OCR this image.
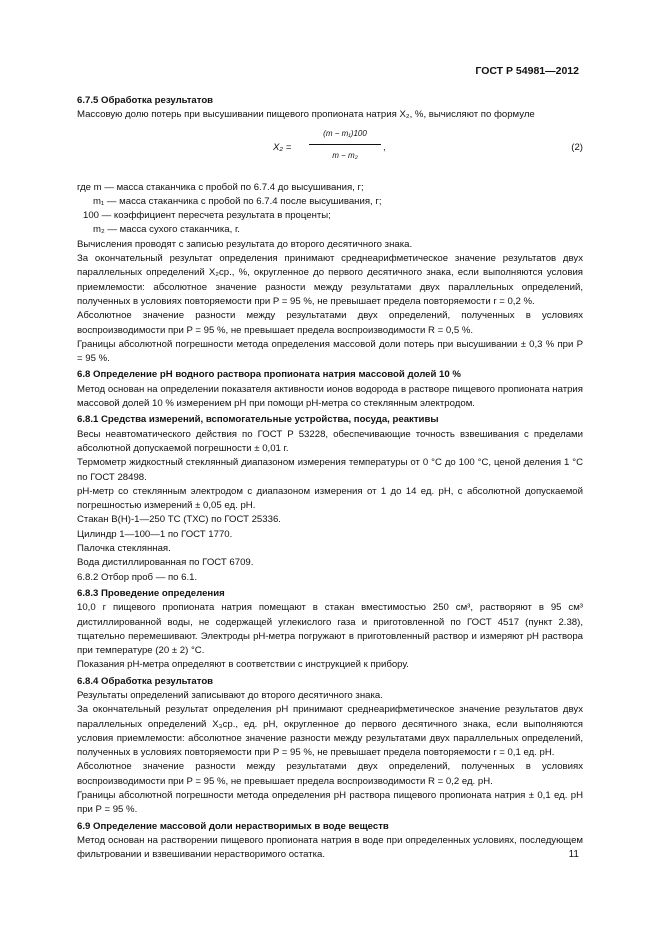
ГОСТ Р 54981—2012

6.7.5 Обработка результатов

Массовую долю потерь при высушивании пищевого пропионата натрия X₂, %, вычисляют по формуле

$X_2 = \frac{\text{(m − m₁)100}}{\text{m − m₂}}$ ,	(2)

где m — масса стаканчика с пробой по 6.7.4 до высушивания, г;

m₁ — масса стаканчика с пробой по 6.7.4 после высушивания, г;

100 — коэффициент пересчета результата в проценты;

m₂ — масса сухого стаканчика, г.

Вычисления проводят с записью результата до второго десятичного знака.

За окончательный результат определения принимают среднеарифметическое значение результатов двух параллельных определений X₂ср., %, округленное до первого десятичного знака, если выполняются условия приемлемости: абсолютное значение разности между результатами двух параллельных определений, полученных в условиях повторяемости при P = 95 %, не превышает предела повторяемости r = 0,2 %.

Абсолютное значение разности между результатами двух определений, полученных в условиях воспроизводимости при P = 95 %, не превышает предела воспроизводимости R = 0,5 %.

Границы абсолютной погрешности метода определения массовой доли потерь при высушивании ± 0,3 % при P = 95 %.

6.8 Определение рН водного раствора пропионата натрия массовой долей 10 %

Метод основан на определении показателя активности ионов водорода в растворе пищевого пропионата натрия массовой долей 10 % измерением рН при помощи рН-метра со стеклянным электродом.

6.8.1 Средства измерений, вспомогательные устройства, посуда, реактивы

Весы неавтоматического действия по ГОСТ Р 53228, обеспечивающие точность взвешивания с пределами абсолютной допускаемой погрешности ± 0,01 г.

Термометр жидкостный стеклянный диапазоном измерения температуры от 0 °С до 100 °С, ценой деления 1 °С по ГОСТ 28498.

рН-метр со стеклянным электродом с диапазоном измерения от 1 до 14 ед. рН, с абсолютной допускаемой погрешностью измерений ± 0,05 ед. рН.

Стакан В(Н)-1—250 ТС (ТХС) по ГОСТ 25336.

Цилиндр 1—100—1 по ГОСТ 1770.

Палочка стеклянная.

Вода дистиллированная по ГОСТ 6709.

6.8.2 Отбор проб — по 6.1.

6.8.3 Проведение определения

10,0 г пищевого пропионата натрия помещают в стакан вместимостью 250 см³, растворяют в 95 см³ дистиллированной воды, не содержащей углекислого газа и приготовленной по ГОСТ 4517 (пункт 2.38), тщательно перемешивают. Электроды рН-метра погружают в приготовленный раствор и измеряют рН раствора при температуре (20 ± 2) °С.

Показания рН-метра определяют в соответствии с инструкцией к прибору.

6.8.4 Обработка результатов

Результаты определений записывают до второго десятичного знака.

За окончательный результат определения рН принимают среднеарифметическое значение результатов двух параллельных определений X₃ср., ед. рН, округленное до первого десятичного знака, если выполняются условия приемлемости: абсолютное значение разности между результатами двух параллельных определений, полученных в условиях повторяемости при P = 95 %, не превышает предела повторяемости r = 0,1 ед. рН.

Абсолютное значение разности между результатами двух определений, полученных в условиях воспроизводимости при P = 95 %, не превышает предела воспроизводимости R = 0,2 ед. рН.

Границы абсолютной погрешности метода определения рН раствора пищевого пропионата натрия ± 0,1 ед. рН при P = 95 %.

6.9 Определение массовой доли нерастворимых в воде веществ

Метод основан на растворении пищевого пропионата натрия в воде при определенных условиях, последующем фильтровании и взвешивании нерастворимого остатка.	11
